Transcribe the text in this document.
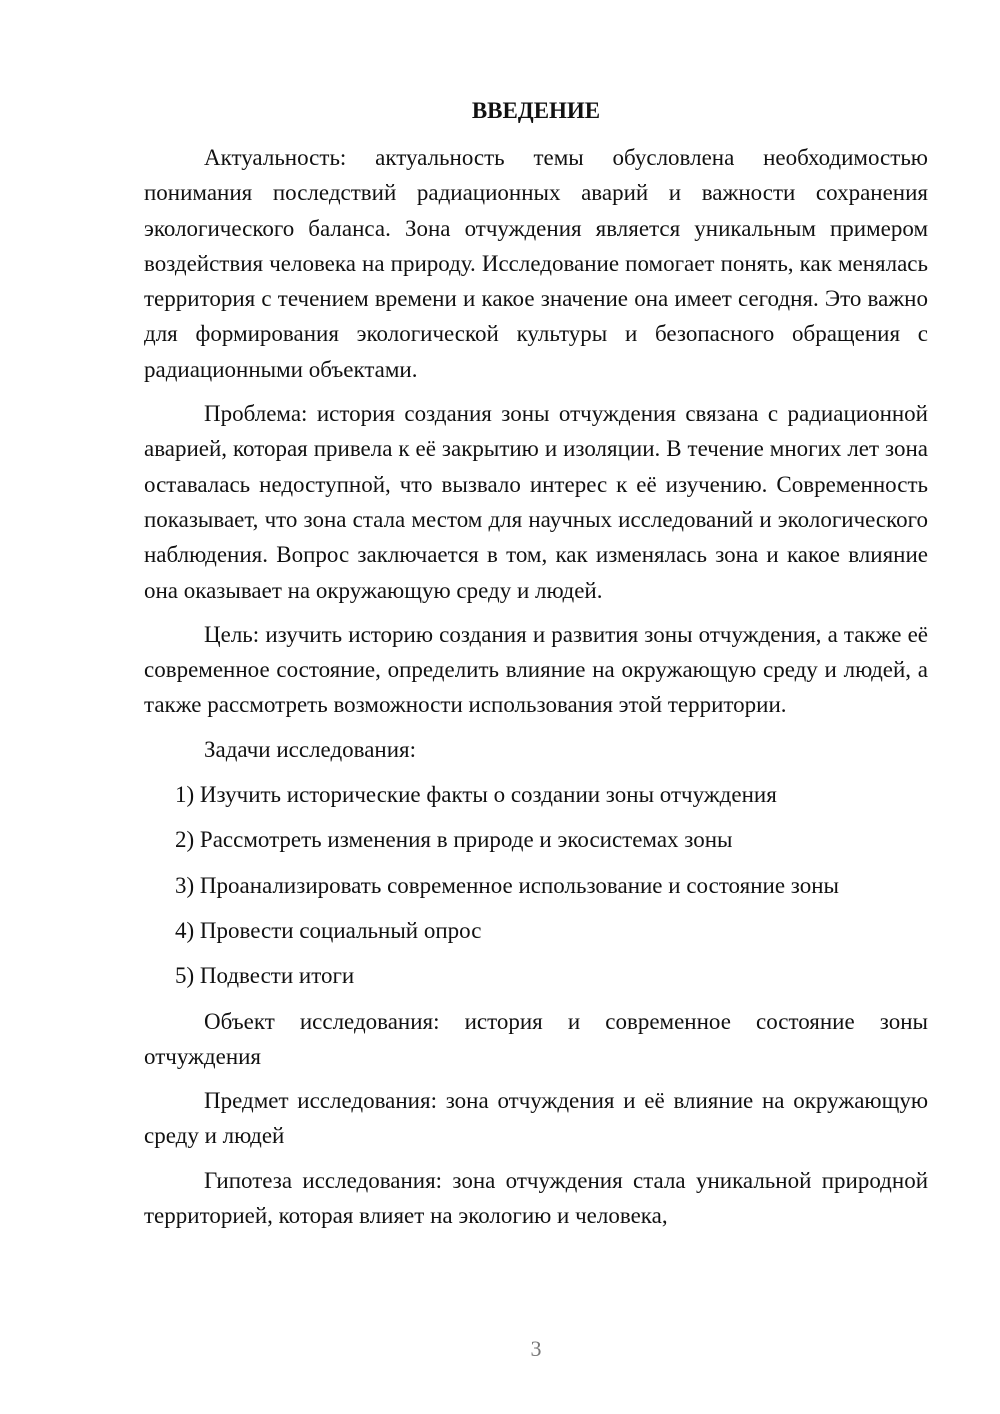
ВВЕДЕНИЕ

Актуальность: актуальность темы обусловлена необходимостью понимания последствий радиационных аварий и важности сохранения экологического баланса. Зона отчуждения является уникальным примером воздействия человека на природу. Исследование помогает понять, как менялась территория с течением времени и какое значение она имеет сегодня. Это важно для формирования экологической культуры и безопасного обращения с радиационными объектами.

Проблема: история создания зоны отчуждения связана с радиационной аварией, которая привела к её закрытию и изоляции. В течение многих лет зона оставалась недоступной, что вызвало интерес к её изучению. Современность показывает, что зона стала местом для научных исследований и экологического наблюдения. Вопрос заключается в том, как изменялась зона и какое влияние она оказывает на окружающую среду и людей.

Цель: изучить историю создания и развития зоны отчуждения, а также её современное состояние, определить влияние на окружающую среду и людей, а также рассмотреть возможности использования этой территории.

Задачи исследования:

1) Изучить исторические факты о создании зоны отчуждения
2) Рассмотреть изменения в природе и экосистемах зоны
3) Проанализировать современное использование и состояние зоны
4) Провести социальный опрос
5) Подвести итоги

Объект исследования: история и современное состояние зоны отчуждения

Предмет исследования: зона отчуждения и её влияние на окружающую среду и людей

Гипотеза исследования: зона отчуждения стала уникальной природной территорией, которая влияет на экологию и человека,

3
